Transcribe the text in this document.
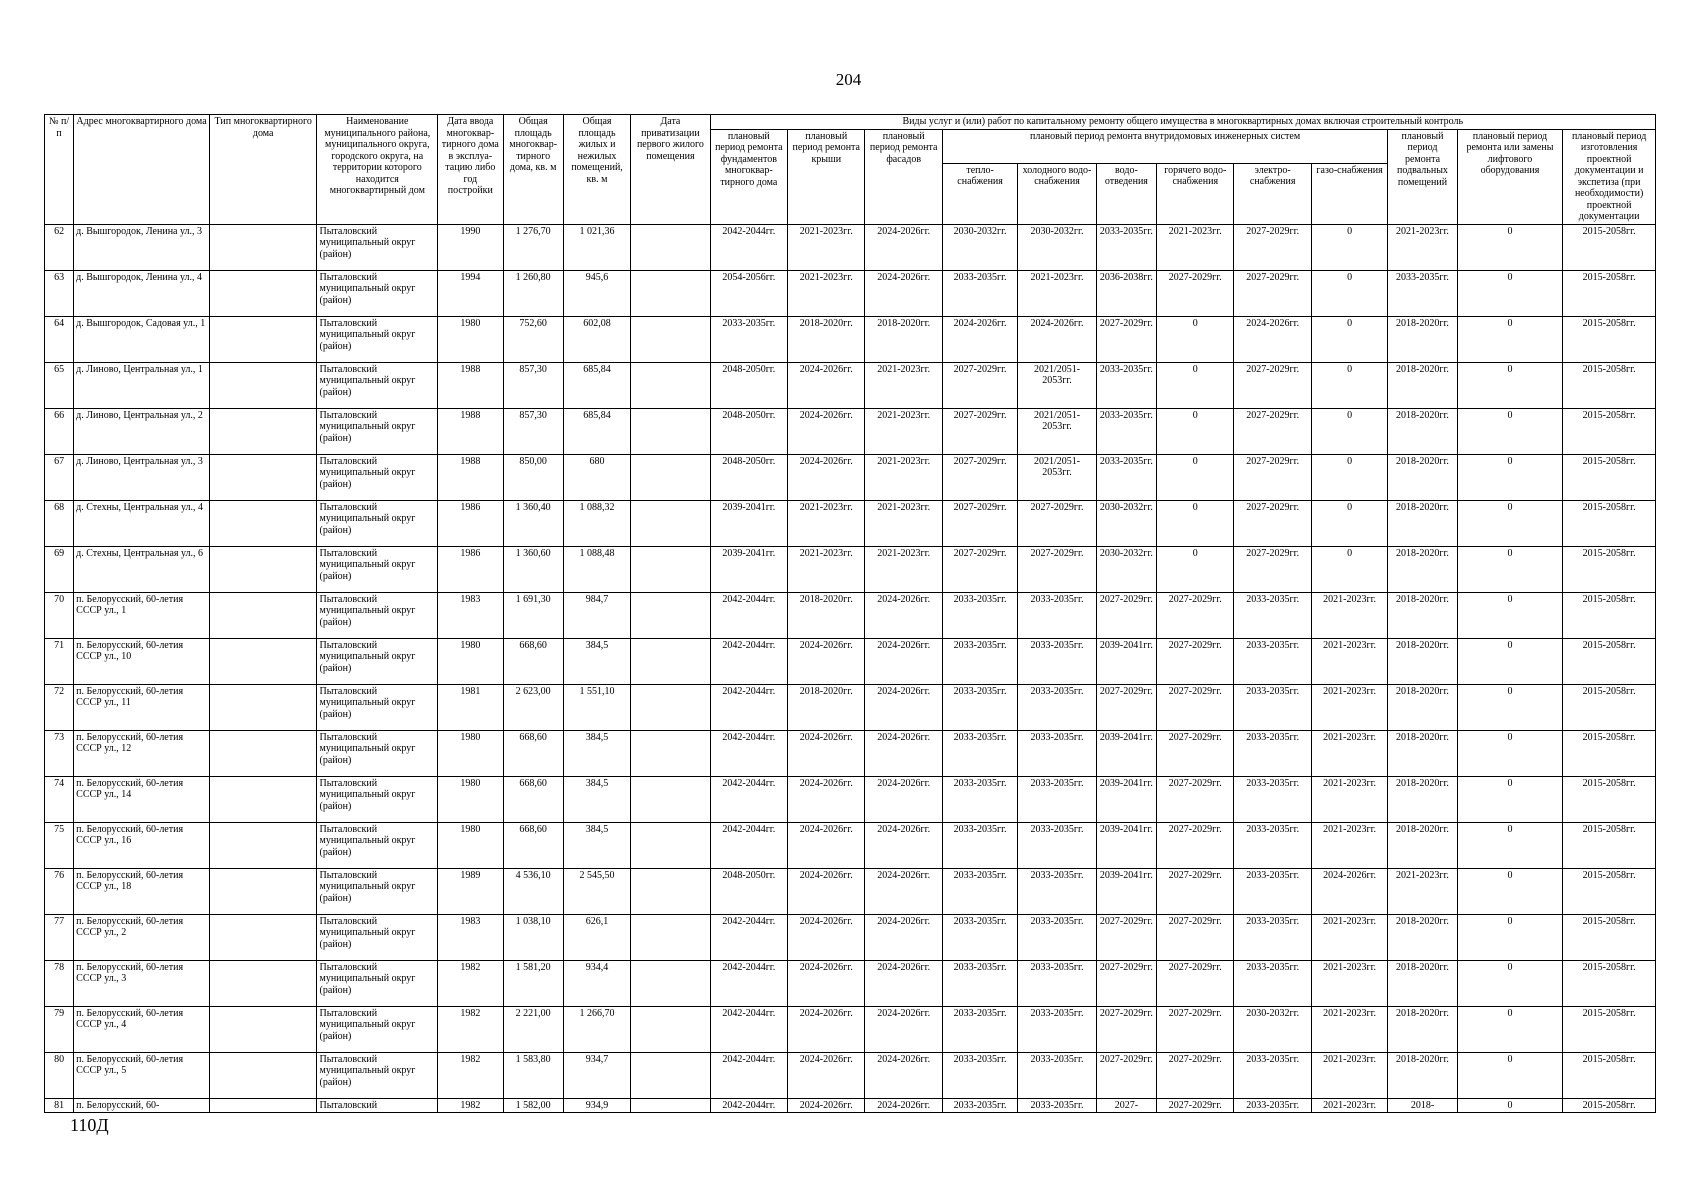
204
№ п/п	Адрес многоквартирного дома	Тип многоквартирного дома	Наименование муниципального района, муниципального округа, городского округа, на территории которого находится многоквартирный дом	Дата ввода многоквар-тирного дома в эксплуа-тацию либо год постройки	Общая площадь многоквар-тирного дома, кв. м	Общая площадь жилых и нежилых помещений, кв. м	Дата приватизации первого жилого помещения	Виды услуг и (или) работ по капитальному ремонту общего имущества в многоквартирных домах включая строительный контроль											
								плановый период ремонта фундаментов многоквар-тирного дома	плановый период ремонта крыши	плановый период ремонта фасадов	плановый период ремонта внутридомовых инженерных систем						плановый период ремонта подвальных помещений	плановый период ремонта или замены лифтового оборудования	плановый период изготовления проектной документации и экспетиза (при необходимости) проектной документации
											тепло-снабжения	холодного водо-снабжения	водо-отведения	горячего водо-снабжения	электро-снабжения	газо-снабжения			
62	д. Вышгородок, Ленина ул., 3		Пыталовский муниципальный округ (район)	1990	1 276,70	1 021,36		2042-2044гг.	2021-2023гг.	2024-2026гг.	2030-2032гг.	2030-2032гг.	2033-2035гг.	2021-2023гг.	2027-2029гг.	0	2021-2023гг.	0	2015-2058гг.
63	д. Вышгородок, Ленина ул., 4		Пыталовский муниципальный округ (район)	1994	1 260,80	945,6		2054-2056гг.	2021-2023гг.	2024-2026гг.	2033-2035гг.	2021-2023гг.	2036-2038гг.	2027-2029гг.	2027-2029гг.	0	2033-2035гг.	0	2015-2058гг.
64	д. Вышгородок, Садовая ул., 1		Пыталовский муниципальный округ (район)	1980	752,60	602,08		2033-2035гг.	2018-2020гг.	2018-2020гг.	2024-2026гг.	2024-2026гг.	2027-2029гг.	0	2024-2026гг.	0	2018-2020гг.	0	2015-2058гг.
65	д. Линово, Центральная ул., 1		Пыталовский муниципальный округ (район)	1988	857,30	685,84		2048-2050гг.	2024-2026гг.	2021-2023гг.	2027-2029гг.	2021/2051-2053гг.	2033-2035гг.	0	2027-2029гг.	0	2018-2020гг.	0	2015-2058гг.
66	д. Линово, Центральная ул., 2		Пыталовский муниципальный округ (район)	1988	857,30	685,84		2048-2050гг.	2024-2026гг.	2021-2023гг.	2027-2029гг.	2021/2051-2053гг.	2033-2035гг.	0	2027-2029гг.	0	2018-2020гг.	0	2015-2058гг.
67	д. Линово, Центральная ул., 3		Пыталовский муниципальный округ (район)	1988	850,00	680		2048-2050гг.	2024-2026гг.	2021-2023гг.	2027-2029гг.	2021/2051-2053гг.	2033-2035гг.	0	2027-2029гг.	0	2018-2020гг.	0	2015-2058гг.
68	д. Стехны, Центральная ул., 4		Пыталовский муниципальный округ (район)	1986	1 360,40	1 088,32		2039-2041гг.	2021-2023гг.	2021-2023гг.	2027-2029гг.	2027-2029гг.	2030-2032гг.	0	2027-2029гг.	0	2018-2020гг.	0	2015-2058гг.
69	д. Стехны, Центральная ул., 6		Пыталовский муниципальный округ (район)	1986	1 360,60	1 088,48		2039-2041гг.	2021-2023гг.	2021-2023гг.	2027-2029гг.	2027-2029гг.	2030-2032гг.	0	2027-2029гг.	0	2018-2020гг.	0	2015-2058гг.
70	п. Белорусский, 60-летия СССР ул., 1		Пыталовский муниципальный округ (район)	1983	1 691,30	984,7		2042-2044гг.	2018-2020гг.	2024-2026гг.	2033-2035гг.	2033-2035гг.	2027-2029гг.	2027-2029гг.	2033-2035гг.	2021-2023гг.	2018-2020гг.	0	2015-2058гг.
71	п. Белорусский, 60-летия СССР ул., 10		Пыталовский муниципальный округ (район)	1980	668,60	384,5		2042-2044гг.	2024-2026гг.	2024-2026гг.	2033-2035гг.	2033-2035гг.	2039-2041гг.	2027-2029гг.	2033-2035гг.	2021-2023гг.	2018-2020гг.	0	2015-2058гг.
72	п. Белорусский, 60-летия СССР ул., 11		Пыталовский муниципальный округ (район)	1981	2 623,00	1 551,10		2042-2044гг.	2018-2020гг.	2024-2026гг.	2033-2035гг.	2033-2035гг.	2027-2029гг.	2027-2029гг.	2033-2035гг.	2021-2023гг.	2018-2020гг.	0	2015-2058гг.
73	п. Белорусский, 60-летия СССР ул., 12		Пыталовский муниципальный округ (район)	1980	668,60	384,5		2042-2044гг.	2024-2026гг.	2024-2026гг.	2033-2035гг.	2033-2035гг.	2039-2041гг.	2027-2029гг.	2033-2035гг.	2021-2023гг.	2018-2020гг.	0	2015-2058гг.
74	п. Белорусский, 60-летия СССР ул., 14		Пыталовский муниципальный округ (район)	1980	668,60	384,5		2042-2044гг.	2024-2026гг.	2024-2026гг.	2033-2035гг.	2033-2035гг.	2039-2041гг.	2027-2029гг.	2033-2035гг.	2021-2023гг.	2018-2020гг.	0	2015-2058гг.
75	п. Белорусский, 60-летия СССР ул., 16		Пыталовский муниципальный округ (район)	1980	668,60	384,5		2042-2044гг.	2024-2026гг.	2024-2026гг.	2033-2035гг.	2033-2035гг.	2039-2041гг.	2027-2029гг.	2033-2035гг.	2021-2023гг.	2018-2020гг.	0	2015-2058гг.
76	п. Белорусский, 60-летия СССР ул., 18		Пыталовский муниципальный округ (район)	1989	4 536,10	2 545,50		2048-2050гг.	2024-2026гг.	2024-2026гг.	2033-2035гг.	2033-2035гг.	2039-2041гг.	2027-2029гг.	2033-2035гг.	2024-2026гг.	2021-2023гг.	0	2015-2058гг.
77	п. Белорусский, 60-летия СССР ул., 2		Пыталовский муниципальный округ (район)	1983	1 038,10	626,1		2042-2044гг.	2024-2026гг.	2024-2026гг.	2033-2035гг.	2033-2035гг.	2027-2029гг.	2027-2029гг.	2033-2035гг.	2021-2023гг.	2018-2020гг.	0	2015-2058гг.
78	п. Белорусский, 60-летия СССР ул., 3		Пыталовский муниципальный округ (район)	1982	1 581,20	934,4		2042-2044гг.	2024-2026гг.	2024-2026гг.	2033-2035гг.	2033-2035гг.	2027-2029гг.	2027-2029гг.	2033-2035гг.	2021-2023гг.	2018-2020гг.	0	2015-2058гг.
79	п. Белорусский, 60-летия СССР ул., 4		Пыталовский муниципальный округ (район)	1982	2 221,00	1 266,70		2042-2044гг.	2024-2026гг.	2024-2026гг.	2033-2035гг.	2033-2035гг.	2027-2029гг.	2027-2029гг.	2030-2032гг.	2021-2023гг.	2018-2020гг.	0	2015-2058гг.
80	п. Белорусский, 60-летия СССР ул., 5		Пыталовский муниципальный округ (район)	1982	1 583,80	934,7		2042-2044гг.	2024-2026гг.	2024-2026гг.	2033-2035гг.	2033-2035гг.	2027-2029гг.	2027-2029гг.	2033-2035гг.	2021-2023гг.	2018-2020гг.	0	2015-2058гг.

81	п. Белорусский, 60-		Пыталовский	1982	1 582,00	934,9		2042-2044гг.	2024-2026гг.	2024-2026гг.	2033-2035гг.	2033-2035гг.	2027-	2027-2029гг.	2033-2035гг.	2021-2023гг.	2018-	0	2015-2058гг.
110Д
